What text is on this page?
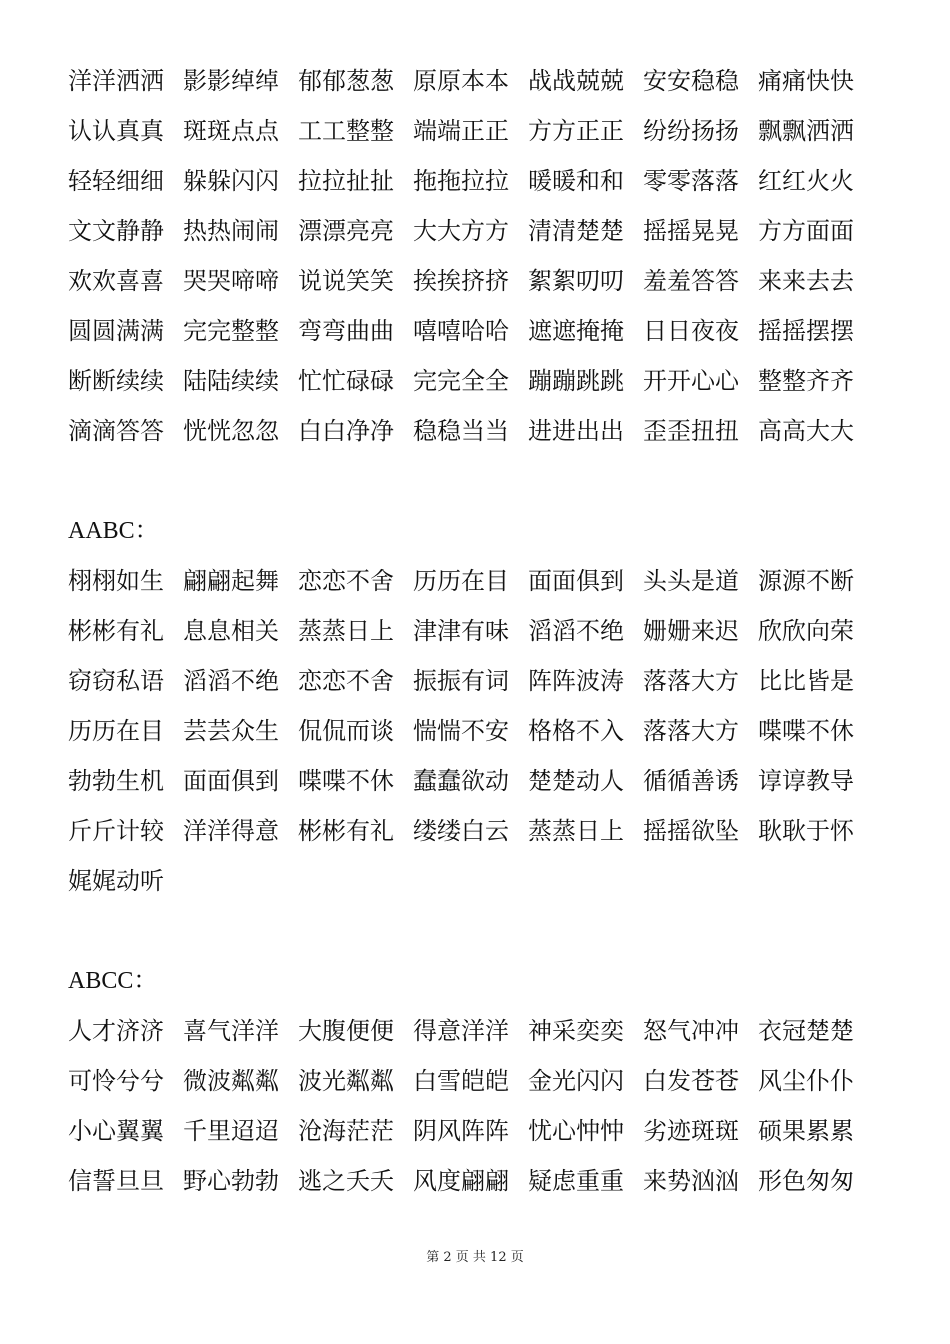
洋洋洒洒 影影绰绰 郁郁葱葱 原原本本 战战兢兢 安安稳稳 痛痛快快
认认真真 斑斑点点 工工整整 端端正正 方方正正 纷纷扬扬 飘飘洒洒
轻轻细细 躲躲闪闪 拉拉扯扯 拖拖拉拉 暖暖和和 零零落落 红红火火
文文静静 热热闹闹 漂漂亮亮 大大方方 清清楚楚 摇摇晃晃 方方面面
欢欢喜喜 哭哭啼啼 说说笑笑 挨挨挤挤 絮絮叨叨 羞羞答答 来来去去
圆圆满满 完完整整 弯弯曲曲 嘻嘻哈哈 遮遮掩掩 日日夜夜 摇摇摆摆
断断续续 陆陆续续 忙忙碌碌 完完全全 蹦蹦跳跳 开开心心 整整齐齐
滴滴答答 恍恍忽忽 白白净净 稳稳当当 进进出出 歪歪扭扭 高高大大
AABC：
栩栩如生 翩翩起舞 恋恋不舍 历历在目 面面俱到 头头是道 源源不断
彬彬有礼 息息相关 蒸蒸日上 津津有味 滔滔不绝 姗姗来迟 欣欣向荣
窃窃私语 滔滔不绝 恋恋不舍 振振有词 阵阵波涛 落落大方 比比皆是
历历在目 芸芸众生 侃侃而谈 惴惴不安 格格不入 落落大方 喋喋不休
勃勃生机 面面俱到 喋喋不休 蠢蠢欲动 楚楚动人 循循善诱 谆谆教导
斤斤计较 洋洋得意 彬彬有礼 缕缕白云 蒸蒸日上 摇摇欲坠 耿耿于怀
娓娓动听
ABCC：
人才济济 喜气洋洋 大腹便便 得意洋洋 神采奕奕 怒气冲冲 衣冠楚楚
可怜兮兮 微波粼粼 波光粼粼 白雪皑皑 金光闪闪 白发苍苍 风尘仆仆
小心翼翼 千里迢迢 沧海茫茫 阴风阵阵 忧心忡忡 劣迹斑斑 硕果累累
信誓旦旦 野心勃勃 逃之夭夭 风度翩翩 疑虑重重 来势汹汹 形色匆匆
第 2 页 共 12 页
